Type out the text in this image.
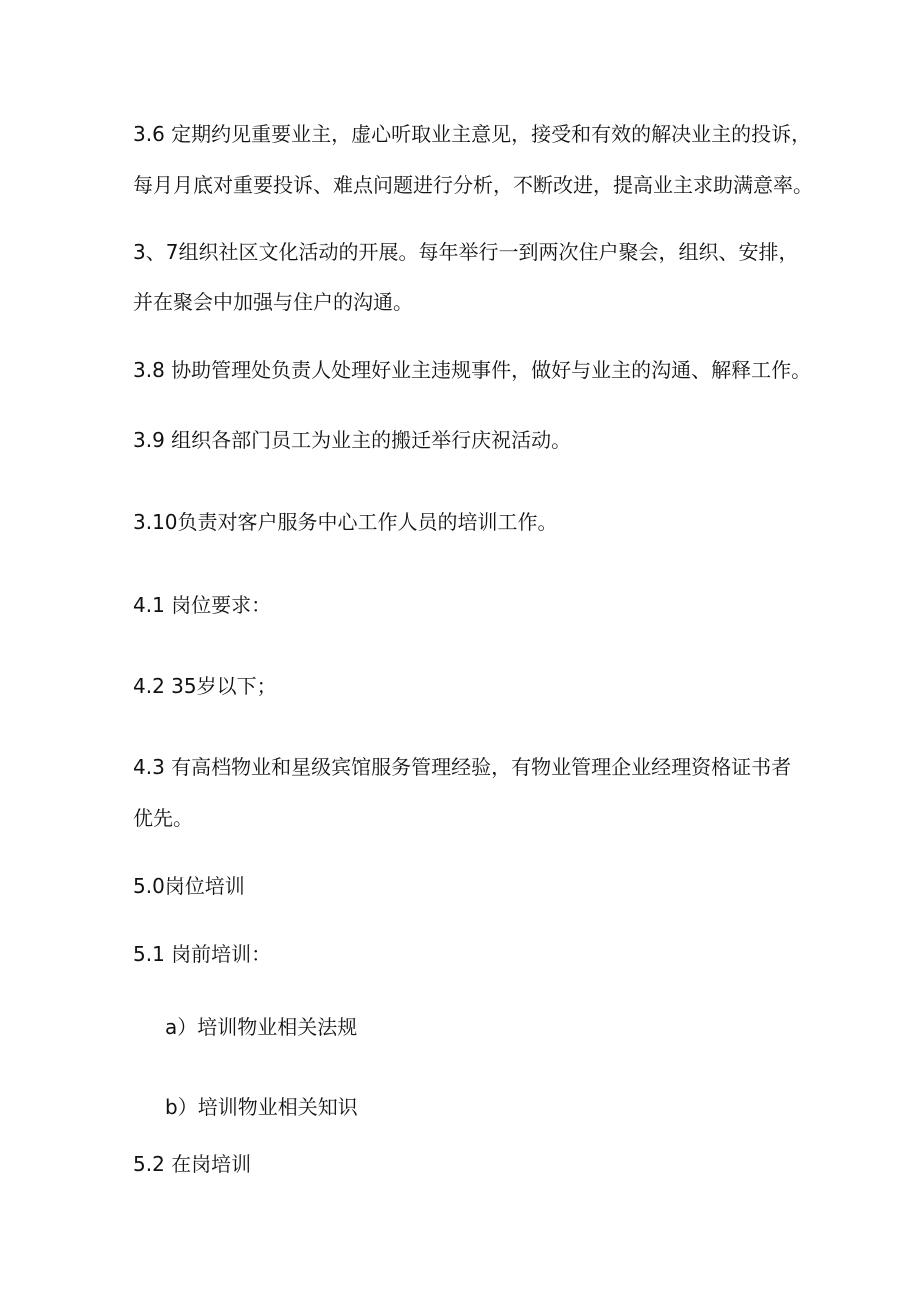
3.6 定期约见重要业主，虚心听取业主意见，接受和有效的解决业主的投诉，
每月月底对重要投诉、难点问题进行分析，不断改进，提高业主求助满意率。
3、7组织社区文化活动的开展。每年举行一到两次住户聚会，组织、安排，
并在聚会中加强与住户的沟通。
3.8 协助管理处负责人处理好业主违规事件，做好与业主的沟通、解释工作。
3.9 组织各部门员工为业主的搬迁举行庆祝活动。
3.10负责对客户服务中心工作人员的培训工作。
4.1 岗位要求：
4.2 35岁以下；
4.3 有高档物业和星级宾馆服务管理经验，有物业管理企业经理资格证书者
优先。
5.0岗位培训
5.1 岗前培训：
a）培训物业相关法规
b）培训物业相关知识
5.2 在岗培训
